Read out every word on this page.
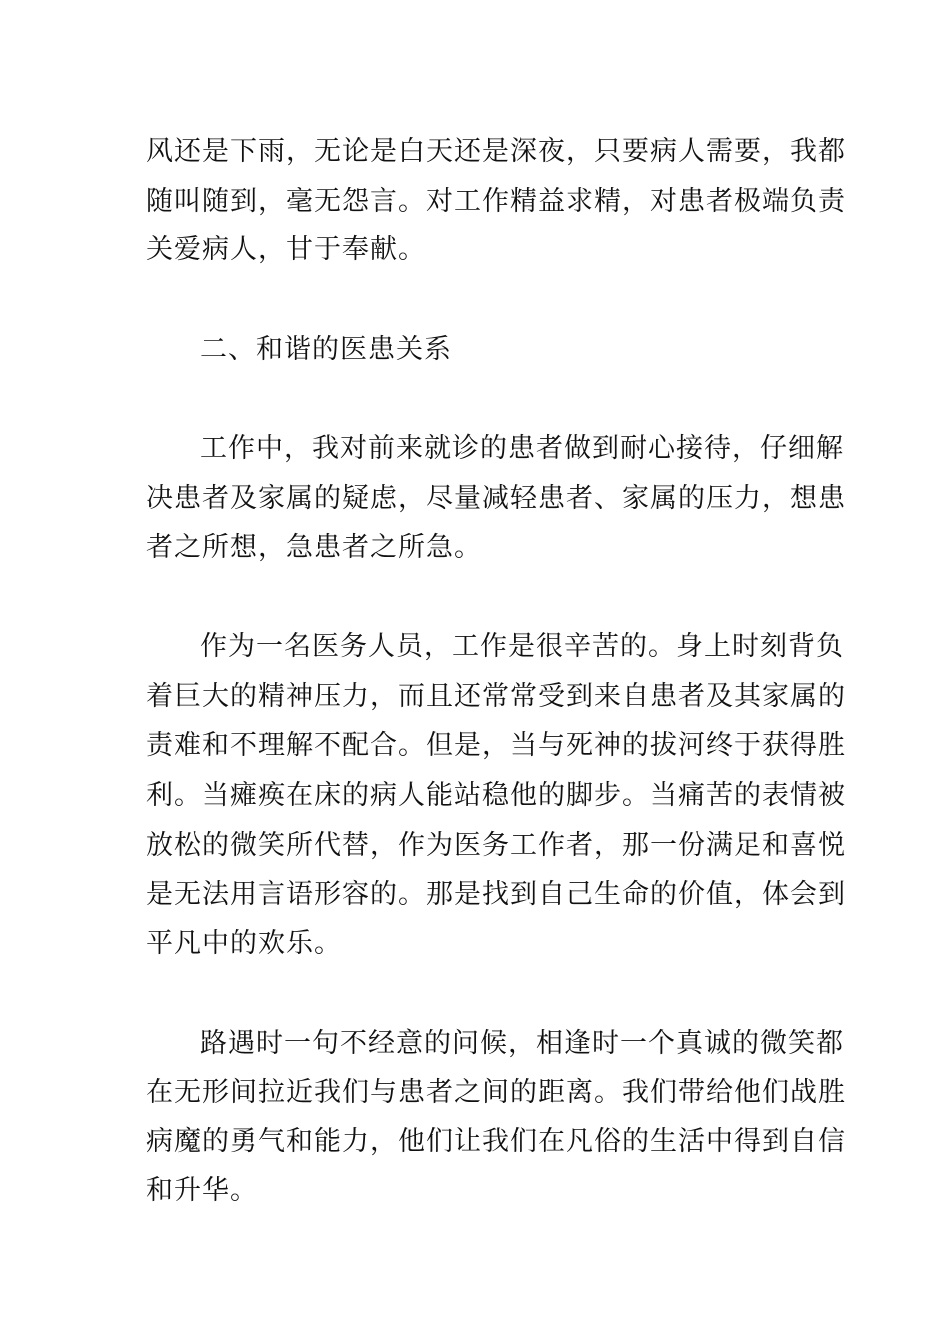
风还是下雨，无论是白天还是深夜，只要病人需要，我都
随叫随到，毫无怨言。对工作精益求精，对患者极端负责
关爱病人，甘于奉献。
二、和谐的医患关系
工作中，我对前来就诊的患者做到耐心接待，仔细解
决患者及家属的疑虑，尽量减轻患者、家属的压力，想患
者之所想，急患者之所急。
作为一名医务人员，工作是很辛苦的。身上时刻背负
着巨大的精神压力，而且还常常受到来自患者及其家属的
责难和不理解不配合。但是，当与死神的拔河终于获得胜
利。当瘫痪在床的病人能站稳他的脚步。当痛苦的表情被
放松的微笑所代替，作为医务工作者，那一份满足和喜悦
是无法用言语形容的。那是找到自己生命的价值，体会到
平凡中的欢乐。
路遇时一句不经意的问候，相逢时一个真诚的微笑都
在无形间拉近我们与患者之间的距离。我们带给他们战胜
病魔的勇气和能力，他们让我们在凡俗的生活中得到自信
和升华。
